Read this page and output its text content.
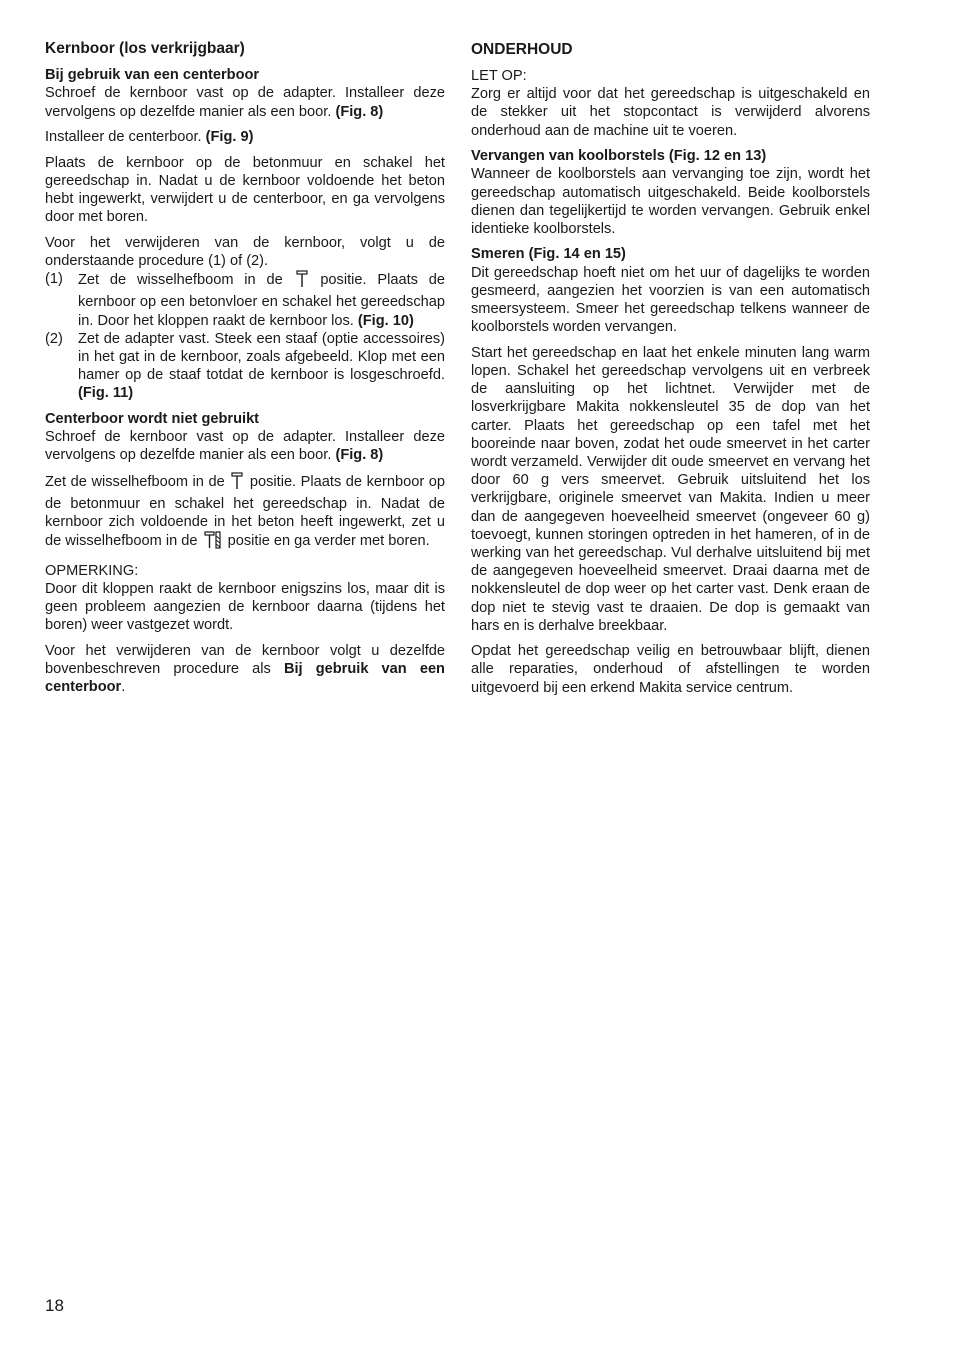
Kernboor (los verkrijgbaar)

Bij gebruik van een centerboor

Schroef de kernboor vast op de adapter. Installeer deze vervolgens op dezelfde manier als een boor. (Fig. 8)

Installeer de centerboor. (Fig. 9)

Plaats de kernboor op de betonmuur en schakel het gereedschap in. Nadat u de kernboor voldoende het beton hebt ingewerkt, verwijdert u de centerboor, en ga vervolgens door met boren.

Voor het verwijderen van de kernboor, volgt u de onderstaande procedure (1) of (2).

(1)	Zet de wisselhefboom in de	positie. Plaats de kernboor op een betonvloer en schakel het gereedschap in. Door het kloppen raakt de kernboor los. (Fig. 10)
(2)	Zet de adapter vast. Steek een staaf (optie accessoires) in het gat in de kernboor, zoals afgebeeld. Klop met een hamer op de staaf totdat de kernboor is losgeschroefd. (Fig. 11)

Centerboor wordt niet gebruikt

Schroef de kernboor vast op de adapter. Installeer deze vervolgens op dezelfde manier als een boor. (Fig. 8)

Zet de wisselhefboom in de positie. Plaats de kernboor op de betonmuur en schakel het gereedschap in. Nadat de kernboor zich voldoende in het beton heeft ingewerkt, zet u de wisselhefboom in de positie en ga verder met boren.

OPMERKING:

Door dit kloppen raakt de kernboor enigszins los, maar dit is geen probleem aangezien de kernboor daarna (tijdens het boren) weer vastgezet wordt.

Voor het verwijderen van de kernboor volgt u dezelfde bovenbeschreven procedure als Bij gebruik van een centerboor.

ONDERHOUD

LET OP:

Zorg er altijd voor dat het gereedschap is uitgeschakeld en de stekker uit het stopcontact is verwijderd alvorens onderhoud aan de machine uit te voeren.

Vervangen van koolborstels (Fig. 12 en 13)

Wanneer de koolborstels aan vervanging toe zijn, wordt het gereedschap automatisch uitgeschakeld. Beide koolborstels dienen dan tegelijkertijd te worden vervangen. Gebruik enkel identieke koolborstels.

Smeren (Fig. 14 en 15)

Dit gereedschap hoeft niet om het uur of dagelijks te worden gesmeerd, aangezien het voorzien is van een automatisch smeersysteem. Smeer het gereedschap telkens wanneer de koolborstels worden vervangen.

Start het gereedschap en laat het enkele minuten lang warm lopen. Schakel het gereedschap vervolgens uit en verbreek de aansluiting op het lichtnet. Verwijder met de losverkrijgbare Makita nokkensleutel 35 de dop van het carter. Plaats het gereedschap op een tafel met het booreinde naar boven, zodat het oude smeervet in het carter wordt verzameld. Verwijder dit oude smeervet en vervang het door 60 g vers smeervet. Gebruik uitsluitend het los verkrijgbare, originele smeervet van Makita. Indien u meer dan de aangegeven hoeveelheid smeervet (ongeveer 60 g) toevoegt, kunnen storingen optreden in het hameren, of in de werking van het gereedschap. Vul derhalve uitsluitend bij met de aangegeven hoeveelheid smeervet. Draai daarna met de nokkensleutel de dop weer op het carter vast. Denk eraan de dop niet te stevig vast te draaien. De dop is gemaakt van hars en is derhalve breekbaar.

Opdat het gereedschap veilig en betrouwbaar blijft, dienen alle reparaties, onderhoud of afstellingen te worden uitgevoerd bij een erkend Makita service centrum.

18
